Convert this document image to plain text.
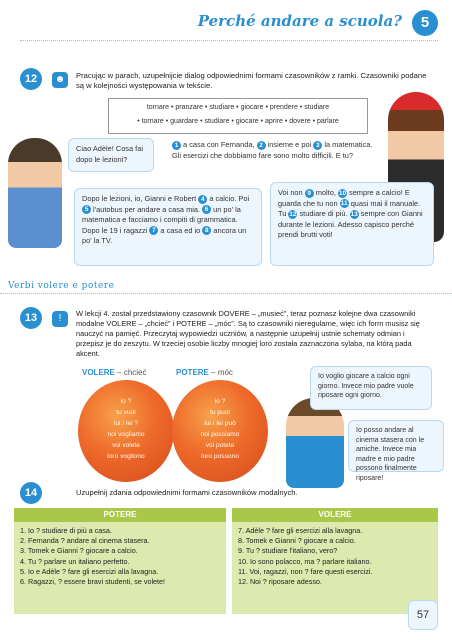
Perché andare a scuola?	5
12	☻	Pracując w parach, uzupełnijcie dialog odpowiednimi formami czasowników z ramki. Czasowniki podane są w kolejności występowania w tekście.
tornare • pranzare • studiare • giocare • prendere • studiare
• tornare • guardare • studiare • giocare • aprire • dovere • parlare
Ciao Adèle! Cosa fai dopo le lezioni?
1 a casa con Fernanda, 2 insieme e poi 3 la matematica. Gli esercizi che dobbiamo fare sono molto difficili. E tu?
Dopo le lezioni, io, Gianni e Robert 4 a calcio. Poi 5 l'autobus per andare a casa mia. 6 un po' la matematica e facciamo i compiti di grammatica. Dopo le 19 i ragazzi 7 a casa ed io 8 ancora un po' la TV.
Voi non 9 molto, 10 sempre a calcio! E guarda che tu non 11 quasi mai il manuale. Tu 12 studiare di più. 13 sempre con Gianni durante le lezioni. Adesso capisco perché prendi brutti voti!
Verbi volere e potere
13	!	W lekcji 4. został przedstawiony czasownik DOVERE – „musieć”, teraz poznasz kolejne dwa czasowniki modalne VOLERE – „chcieć” i POTERE – „móc”. Są to czasowniki nieregularne, więc ich form musisz się nauczyć na pamięć. Przeczytaj wypowiedzi uczniów, a następnie uzupełnij ustnie schematy odmian i przepisz je do zeszytu. W trzeciej osobie liczby mnogiej loro została zaznaczona sylaba, na którą pada akcent.
VOLERE – chcieć
io ?
tu vuoi
lui / lei ?
noi vogliamo
voi volete
loro vogliono
POTERE – móc
io ?
tu puoi
lui / lei può
noi possiamo
voi potete
loro possono
Io voglio giocare a calcio ogni giorno. Invece mio padre vuole riposare ogni giorno.
Io posso andare al cinema stasera con le amiche. Invece mia madre e mio padre possono finalmente riposare!
14	Uzupełnij zdania odpowiednimi formami czasowników modalnych.
POTERE
1. Io ? studiare di più a casa.
2. Fernanda ? andare al cinema stasera.
3. Tomek e Gianni ? giocare a calcio.
4. Tu ? parlare un italiano perfetto.
5. Io e Adèle ? fare gli esercizi alla lavagna.
6. Ragazzi, ? essere bravi studenti, se volete!
VOLERE
7. Adèle ? fare gli esercizi alla lavagna.
8. Tomek e Gianni ? giocare a calcio.
9. Tu ? studiare l'italiano, vero?
10. Io sono polacco, ma ? parlare italiano.
11. Voi, ragazzi, non ? fare questi esercizi.
12. Noi ? riposare adesso.
57
